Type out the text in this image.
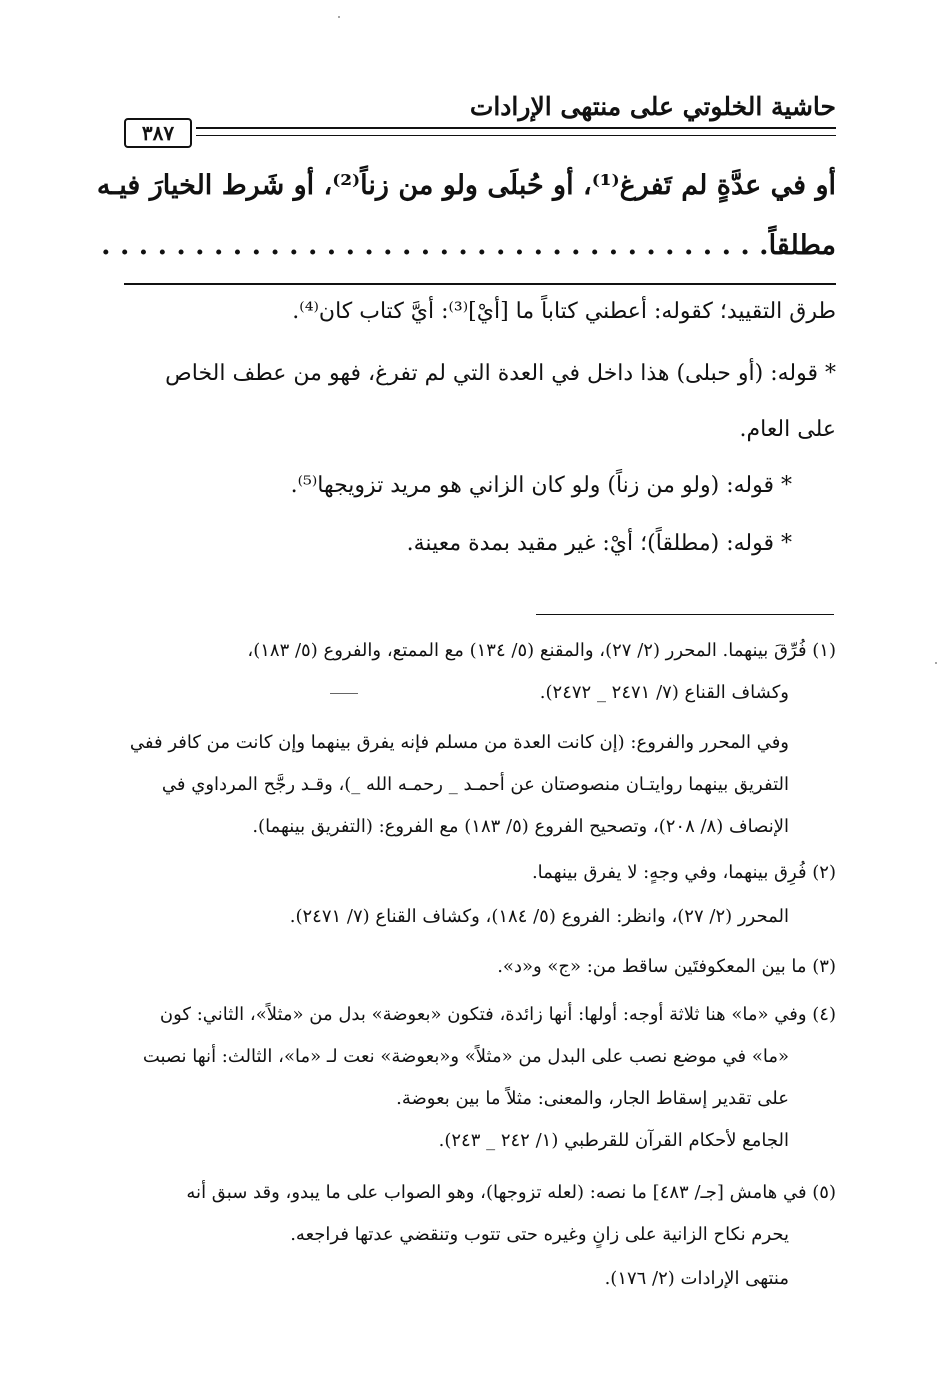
حاشية الخلوتي على منتهى الإرادات
٣٨٧
أو في عدَّةٍ لم تَفرغ⁽¹⁾، أو حُبلَى ولو من زناً⁽²⁾، أو شَرط الخيارَ فيـه
مطلقاً. . . . . . . . . . . . . . . . . . . . . . . . . . . . . . . . . . . .
طرق التقييد؛ كقوله: أعطني كتاباً ما [أيْ]⁽³⁾: أيَّ كتاب كان⁽⁴⁾.
* قوله: (أو حبلى) هذا داخل في العدة التي لم تفرغ، فهو من عطف الخاص
على العام.
* قوله: (ولو من زناً) ولو كان الزاني هو مريد تزويجها⁽⁵⁾.
* قوله: (مطلقاً)؛ أيْ: غير مقيد بمدة معينة.
(١) فُرِّقَ بينهما. المحرر (٢/ ٢٧)، والمقنع (٥/ ١٣٤) مع الممتع، والفروع (٥/ ١٨٣)،
وكشاف القناع (٧/ ٢٤٧١ _ ٢٤٧٢).
وفي المحرر والفروع: (إن كانت العدة من مسلم فإنه يفرق بينهما وإن كانت من كافر ففي
التفريق بينهما روايتـان منصوصتان عن أحمـد _ رحمـه الله _)، وقـد رجَّح المرداوي في
الإنصاف (٨/ ٢٠٨)، وتصحيح الفروع (٥/ ١٨٣) مع الفروع: (التفريق بينهما).
(٢) فُرِق بينهما، وفي وجهٍ: لا يفرق بينهما.
المحرر (٢/ ٢٧)، وانظر: الفروع (٥/ ١٨٤)، وكشاف القناع (٧/ ٢٤٧١).
(٣) ما بين المعكوفتَين ساقط من: «ج» و«د».
(٤) وفي «ما» هنا ثلاثة أوجه: أولها: أنها زائدة، فتكون «بعوضة» بدل من «مثلاً»، الثاني: كون
«ما» في موضع نصب على البدل من «مثلاً» و«بعوضة» نعت لـ «ما»، الثالث: أنها نصبت
على تقدير إسقاط الجار، والمعنى: مثلاً ما بين بعوضة.
الجامع لأحكام القرآن للقرطبي (١/ ٢٤٢ _ ٢٤٣).
(٥) في هامش [جـ/ ٤٨٣] ما نصه: (لعله تزوجها)، وهو الصواب على ما يبدو، وقد سبق أنه
يحرم نكاح الزانية على زانٍ وغيره حتى تتوب وتنقضي عدتها فراجعه.
منتهى الإرادات (٢/ ١٧٦).
